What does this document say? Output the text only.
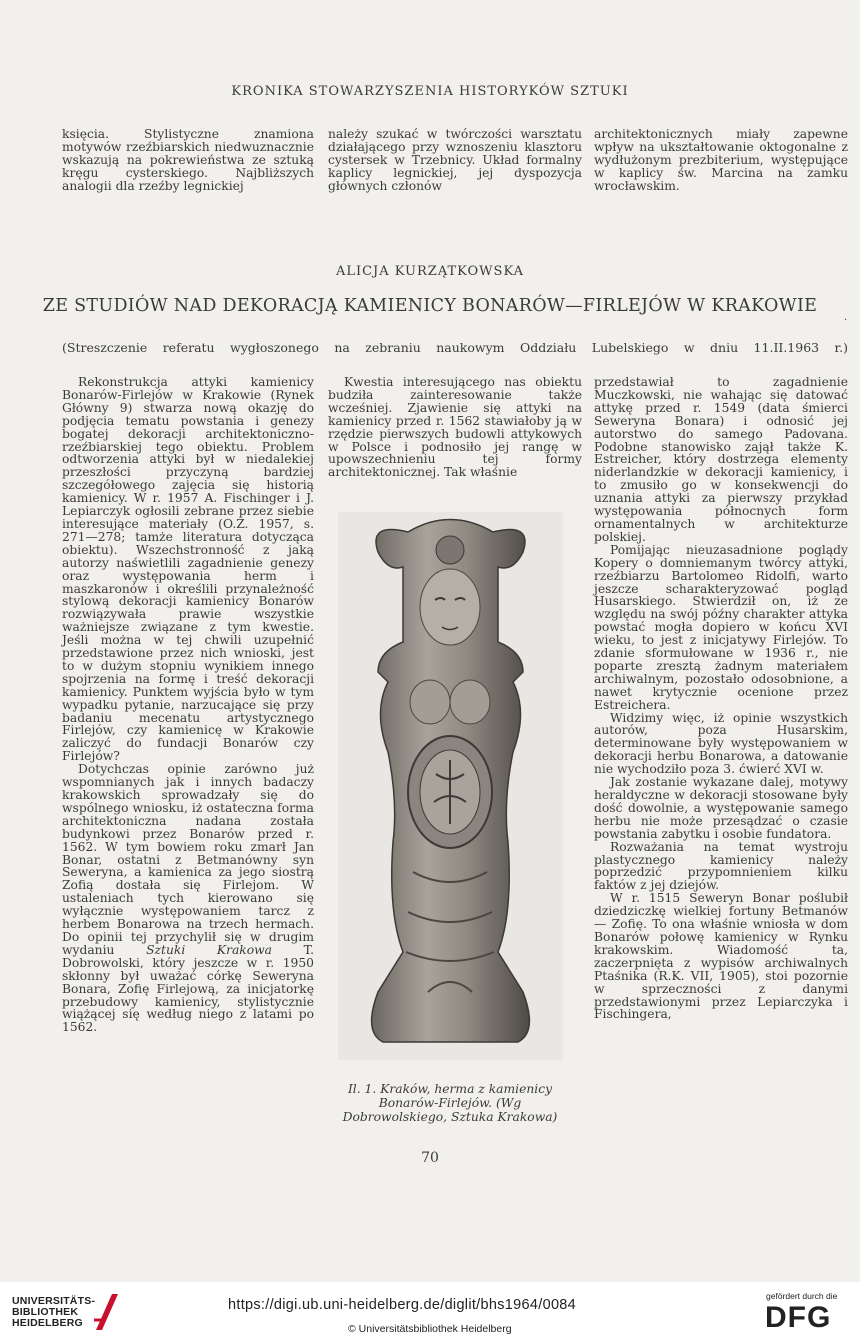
KRONIKA STOWARZYSZENIA HISTORYKÓW SZTUKI

księcia. Stylistyczne znamiona motywów rzeźbiarskich niedwuznacznie wskazują na pokrewieństwa ze sztuką kręgu cysterskiego. Najbliższych analogii dla rzeźby legnickiej

należy szukać w twórczości warsztatu działającego przy wznoszeniu klasztoru cystersek w Trzebnicy. Układ formalny kaplicy legnickiej, jej dyspozycja głównych członów

architektonicznych miały zapewne wpływ na ukształtowanie oktogonalne z wydłużonym prezbiterium, występujące w kaplicy św. Marcina na zamku wrocławskim.

ALICJA KURZĄTKOWSKA
ZE STUDIÓW NAD DEKORACJĄ KAMIENICY BONARÓW—FIRLEJÓW W KRAKOWIE
.
(Streszczenie referatu wygłoszonego na zebraniu naukowym Oddziału Lubelskiego w dniu 11.II.1963 r.)

Rekonstrukcja attyki kamienicy Bonarów-Firlejów w Krakowie (Rynek Główny 9) stwarza nową okazję do podjęcia tematu powstania i genezy bogatej dekoracji architektoniczno-rzeźbiarskiej tego obiektu. Problem odtworzenia attyki był w niedalekiej przeszłości przyczyną bardziej szczegółowego zajęcia się historią kamienicy. W r. 1957 A. Fischinger i J. Lepiarczyk ogłosili zebrane przez siebie interesujące materiały (O.Z. 1957, s. 271—278; tamże literatura dotycząca obiektu). Wszechstronność z jaką autorzy naświetlili zagadnienie genezy oraz występowania herm i maszkaronów i określili przynależność stylową dekoracji kamienicy Bonarów rozwiązywała prawie wszystkie ważniejsze związane z tym kwestie. Jeśli można w tej chwili uzupełnić przedstawione przez nich wnioski, jest to w dużym stopniu wynikiem innego spojrzenia na formę i treść dekoracji kamienicy. Punktem wyjścia było w tym wypadku pytanie, narzucające się przy badaniu mecenatu artystycznego Firlejów, czy kamienicę w Krakowie zaliczyć do fundacji Bonarów czy Firlejów?

Dotychczas opinie zarówno już wspomnianych jak i innych badaczy krakowskich sprowadzały się do wspólnego wniosku, iż ostateczna forma architektoniczna nadana została budynkowi przez Bonarów przed r. 1562. W tym bowiem roku zmarł Jan Bonar, ostatni z Betmanówny syn Seweryna, a kamienica za jego siostrą Zofią dostała się Firlejom. W ustaleniach tych kierowano się wyłącznie występowaniem tarcz z herbem Bonarowa na trzech hermach. Do opinii tej przychylił się w drugim wydaniu	Sztuki Krakowa	T. Dobrowolski, który jeszcze w r. 1950 skłonny był uważać córkę Seweryna Bonara, Zofię Firlejową, za inicjatorkę przebudowy kamienicy, stylistycznie wiążącej się według niego z latami po 1562.

Kwestia interesującego nas obiektu budziła zainteresowanie także wcześniej. Zjawienie się attyki na kamienicy przed r. 1562 stawiałoby ją w rzędzie pierwszych budowli attykowych w Polsce i podnosiło jej rangę w upowszechnieniu tej formy architektonicznej. Tak właśnie

Il. 1. Kraków, herma z kamienicy Bonarów-Firlejów. (Wg Dobrowolskiego, Sztuka Krakowa)

przedstawiał to zagadnienie Muczkowski, nie wahając się datować attykę przed r. 1549 (data śmierci Seweryna Bonara) i odnosić jej autorstwo do samego Padovana. Podobne stanowisko zajął także K. Estreicher, który dostrzega elementy niderlandzkie w dekoracji kamienicy, i to zmusiło go w konsekwencji do uznania attyki za pierwszy przykład występowania północnych form ornamentalnych w architekturze polskiej.

Pomijając nieuzasadnione poglądy Kopery o domniemanym twórcy attyki, rzeźbiarzu Bartolomeo Ridolfi, warto jeszcze scharakteryzować pogląd Husarskiego. Stwierdził on, iż ze względu na swój późny charakter attyka powstać mogła dopiero w końcu XVI wieku, to jest z inicjatywy Firlejów. To zdanie sformułowane w 1936 r., nie poparte zresztą żadnym materiałem archiwalnym, pozostało odosobnione, a nawet krytycznie ocenione przez Estreichera.

Widzimy więc, iż opinie wszystkich autorów, poza Husarskim, determinowane były występowaniem w dekoracji herbu Bonarowa, a datowanie nie wychodziło poza 3. ćwierć XVI w.

Jak zostanie wykazane dalej, motywy heraldyczne w dekoracji stosowane były dość dowolnie, a występowanie samego herbu nie może przesądzać o czasie powstania zabytku i osobie fundatora.

Rozważania na temat wystroju plastycznego kamienicy należy poprzedzić przypomnieniem kilku faktów z jej dziejów.

W r. 1515 Seweryn Bonar poślubił dziedziczkę wielkiej fortuny Betmanów — Zofię. To ona właśnie wniosła w dom Bonarów połowę kamienicy w Rynku krakowskim. Wiadomość ta, zaczerpnięta z wypisów archiwalnych Ptaśnika (R.K. VII, 1905), stoi pozornie w sprzeczności z danymi przedstawionymi przez Lepiarczyka i Fischingera,

70
UNIVERSITÄTS-
BIBLIOTHEK
HEIDELBERG
https://digi.ub.uni-heidelberg.de/diglit/bhs1964/0084
© Universitätsbibliothek Heidelberg
gefördert durch die
DFG
